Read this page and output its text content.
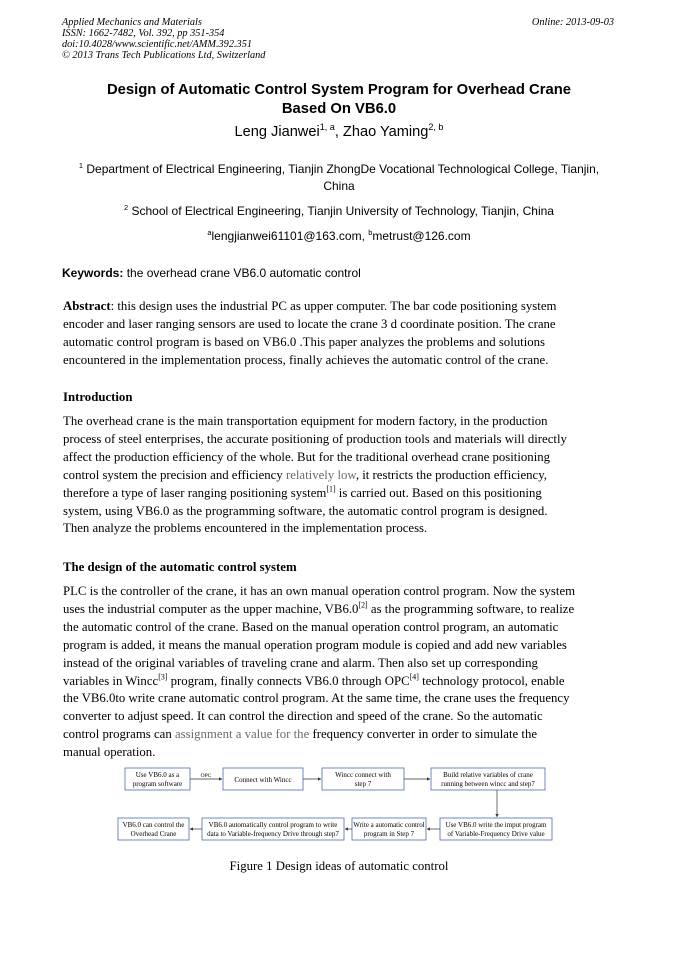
Applied Mechanics and Materials
ISSN: 1662-7482, Vol. 392, pp 351-354
doi:10.4028/www.scientific.net/AMM.392.351
© 2013 Trans Tech Publications Ltd, Switzerland
Online: 2013-09-03
Design of Automatic Control System Program for Overhead Crane
Based On VB6.0
Leng Jianwei$^{1, a}$, Zhao Yaming$^{2, b}$
$^1$ Department of Electrical Engineering, Tianjin ZhongDe Vocational Technological College, Tianjin,
China
$^2$ School of Electrical Engineering, Tianjin University of Technology, Tianjin, China
$^a$lengjianwei61101@163.com, $^b$metrust@126.com
Keywords: the overhead crane VB6.0 automatic control
Abstract: this design uses the industrial PC as upper computer. The bar code positioning system
encoder and laser ranging sensors are used to locate the crane 3 d coordinate position. The crane
automatic control program is based on VB6.0 .This paper analyzes the problems and solutions
encountered in the implementation process, finally achieves the automatic control of the crane.
Introduction
The overhead crane is the main transportation equipment for modern factory, in the production
process of steel enterprises, the accurate positioning of production tools and materials will directly
affect the production efficiency of the whole. But for the traditional overhead crane positioning
control system the precision and efficiency relatively low, it restricts the production efficiency,
therefore a type of laser ranging positioning system[1] is carried out. Based on this positioning
system, using VB6.0 as the programming software, the automatic control program is designed.
Then analyze the problems encountered in the implementation process.
The design of the automatic control system
PLC is the controller of the crane, it has an own manual operation control program. Now the system
uses the industrial computer as the upper machine, VB6.0[2] as the programming software, to realize
the automatic control of the crane. Based on the manual operation control program, an automatic
program is added, it means the manual operation program module is copied and add new variables
instead of the original variables of traveling crane and alarm. Then also set up corresponding
variables in Wincc[3] program, finally connects VB6.0 through OPC[4] technology protocol, enable
the VB6.0to write crane automatic control program. At the same time, the crane uses the frequency
converter to adjust speed. It can control the direction and speed of the crane. So the automatic
control programs can assignment a value for the frequency converter in order to simulate the
manual operation.
Use VB6.0 as a
program software
OPC	Connect with Wincc
Wincc connect with
step 7
Build relative variables of crane
running between wincc and step7
Use VB6.0 write the imput program
of Variable-Frequency Drive value
Write a automatic control
program in Step 7
VB6.0 automatically control program to write
data to Variable-frequency Drive through step7
VB6.0 can control the
Overhead Crane
Figure 1 Design ideas of automatic control
